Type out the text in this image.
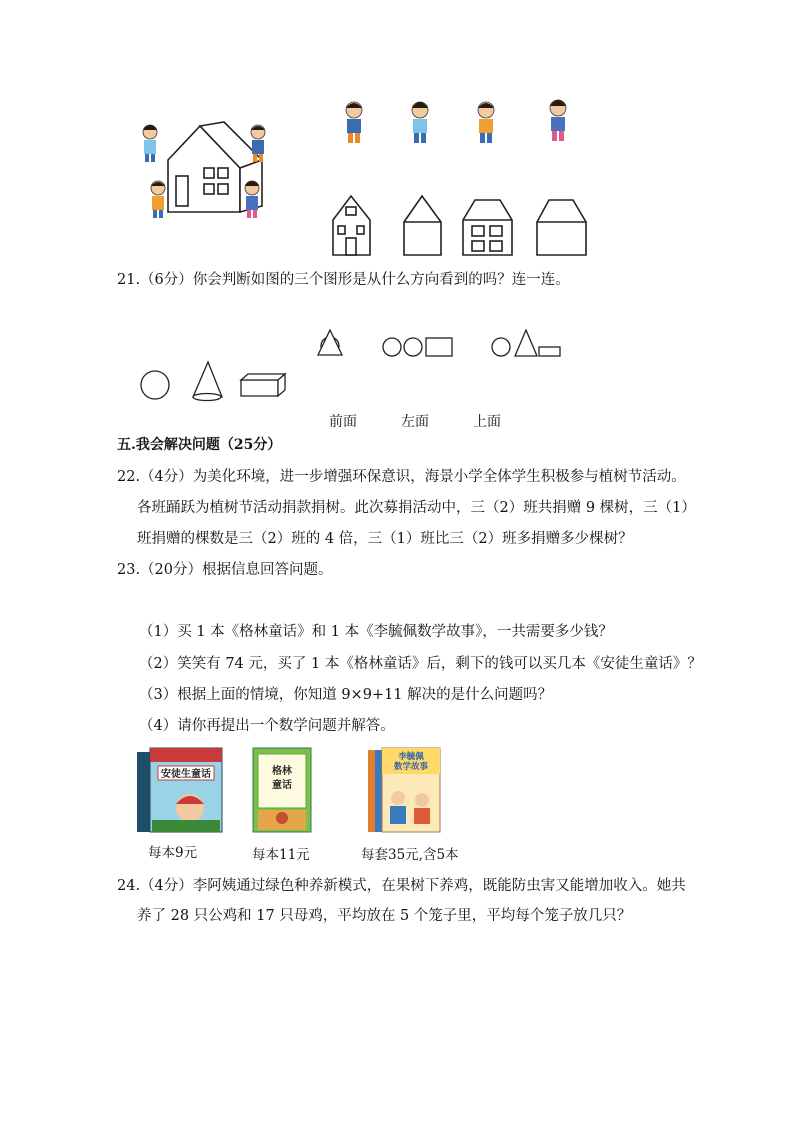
21.（6分）你会判断如图的三个图形是从什么方向看到的吗？连一连。
前面	左面	上面
五.我会解决问题（25分）
22.（4分）为美化环境，进一步增强环保意识，海景小学全体学生积极参与植树节活动。
各班踊跃为植树节活动捐款捐树。此次募捐活动中，三（2）班共捐赠 9 棵树，三（1）
班捐赠的棵数是三（2）班的 4 倍，三（1）班比三（2）班多捐赠多少棵树？
23.（20分）根据信息回答问题。
（1）买 1 本《格林童话》和 1 本《李毓佩数学故事》，一共需要多少钱？
（2）笑笑有 74 元，买了 1 本《格林童话》后，剩下的钱可以买几本《安徒生童话》？
（3）根据上面的情境，你知道 9×9+11 解决的是什么问题吗？
（4）请你再提出一个数学问题并解答。
安徒生童话	格林童话
李毓佩数学故事
每本9元	每本11元	每套35元,含5本
24.（4分）李阿姨通过绿色种养新模式，在果树下养鸡，既能防虫害又能增加收入。她共
养了 28 只公鸡和 17 只母鸡，平均放在 5 个笼子里，平均每个笼子放几只？
